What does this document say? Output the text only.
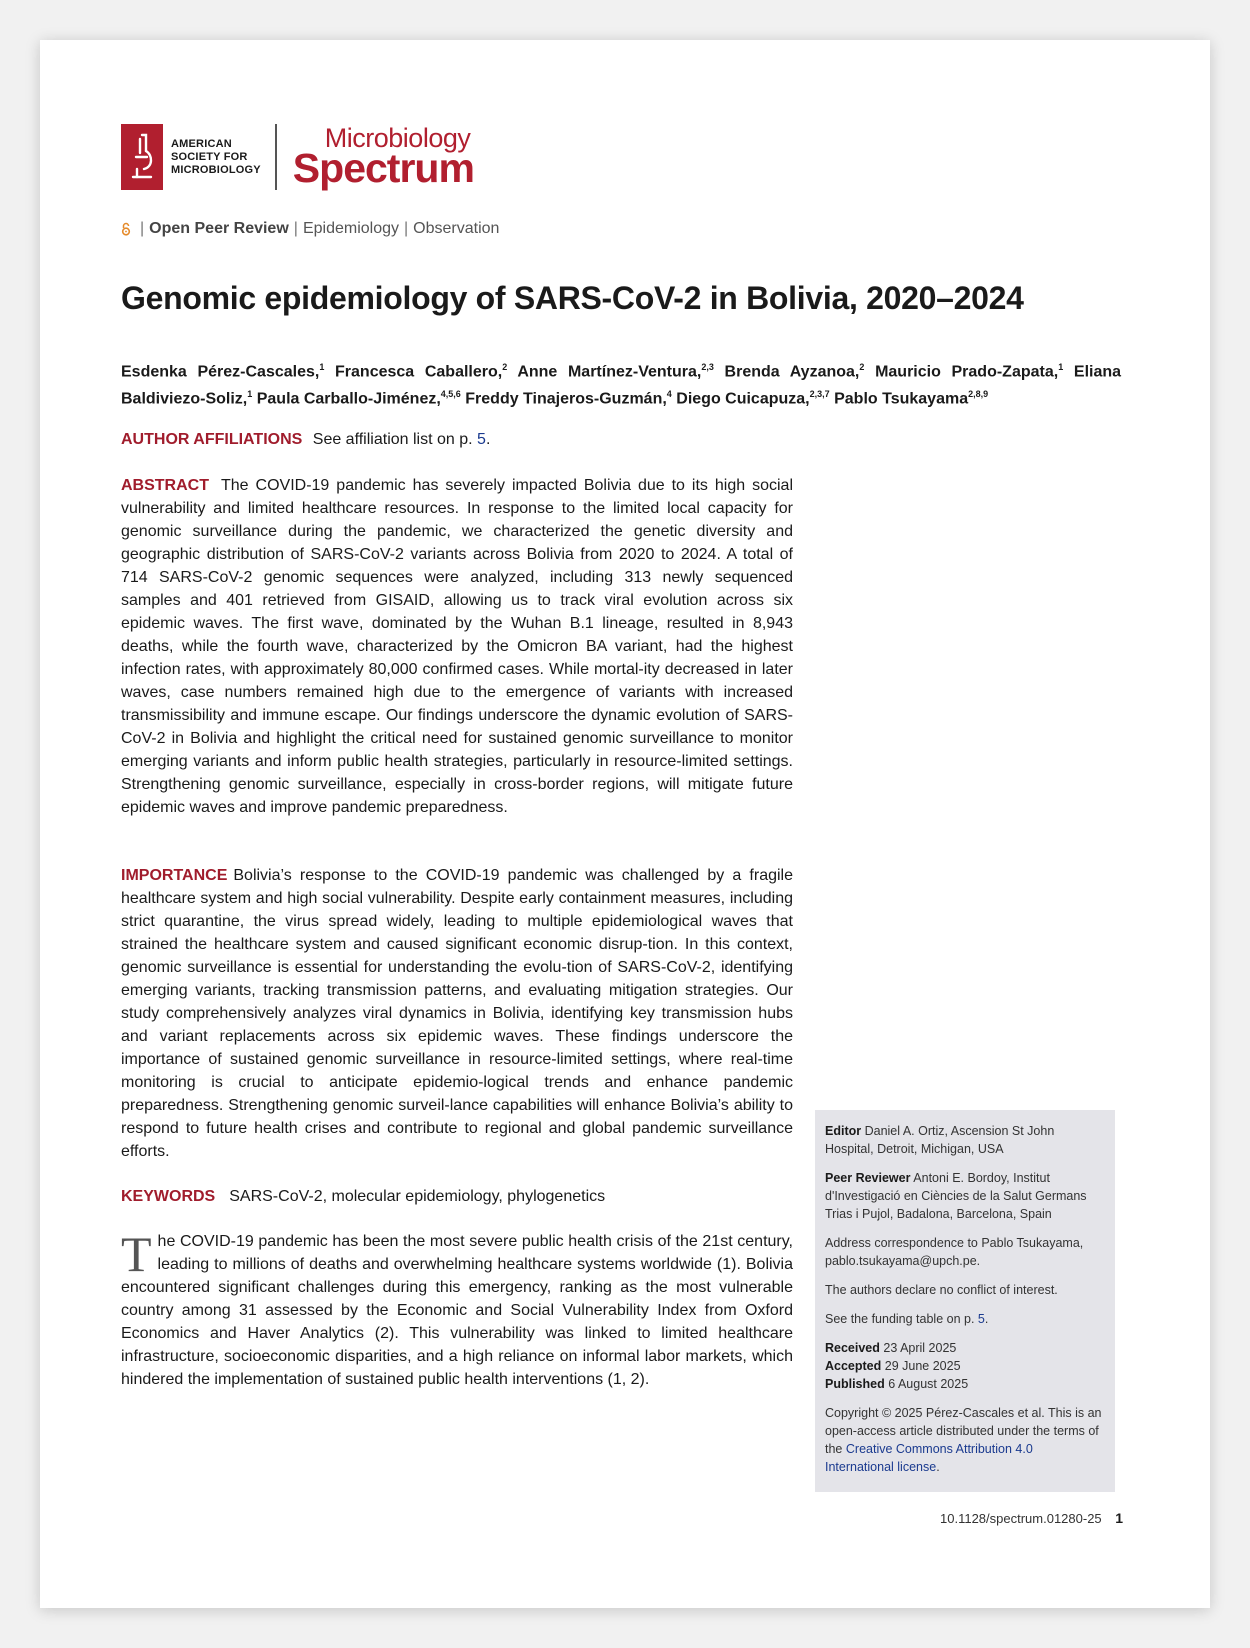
AMERICAN
SOCIETY FOR
MICROBIOLOGY
Microbiology
Spectrum
| Open Peer Review | Epidemiology | Observation
Genomic epidemiology of SARS-CoV-2 in Bolivia, 2020–2024
Esdenka Pérez-Cascales,$^1$ Francesca Caballero,$^2$ Anne Martínez-Ventura,$^{2,3}$ Brenda Ayzanoa,$^2$ Mauricio Prado-Zapata,$^1$ Eliana Baldiviezo-Soliz,$^1$ Paula Carballo-Jiménez,$^{4,5,6}$ Freddy Tinajeros-Guzmán,$^4$ Diego Cuicapuza,$^{2,3,7}$ Pablo Tsukayama$^{2,8,9}$
AUTHOR AFFILIATIONS See affiliation list on p. 5.
ABSTRACT The COVID-19 pandemic has severely impacted Bolivia due to its high social vulnerability and limited healthcare resources. In response to the limited local capacity for genomic surveillance during the pandemic, we characterized the genetic diversity and geographic distribution of SARS-CoV-2 variants across Bolivia from 2020 to 2024. A total of 714 SARS-CoV-2 genomic sequences were analyzed, including 313 newly sequenced samples and 401 retrieved from GISAID, allowing us to track viral evolution across six epidemic waves. The first wave, dominated by the Wuhan B.1 lineage, resulted in 8,943 deaths, while the fourth wave, characterized by the Omicron BA variant, had the highest infection rates, with approximately 80,000 confirmed cases. While mortal-ity decreased in later waves, case numbers remained high due to the emergence of variants with increased transmissibility and immune escape. Our findings underscore the dynamic evolution of SARS-CoV-2 in Bolivia and highlight the critical need for sustained genomic surveillance to monitor emerging variants and inform public health strategies, particularly in resource-limited settings. Strengthening genomic surveillance, especially in cross-border regions, will mitigate future epidemic waves and improve pandemic preparedness.
IMPORTANCE Bolivia’s response to the COVID-19 pandemic was challenged by a fragile healthcare system and high social vulnerability. Despite early containment measures, including strict quarantine, the virus spread widely, leading to multiple epidemiological waves that strained the healthcare system and caused significant economic disrup-tion. In this context, genomic surveillance is essential for understanding the evolu-tion of SARS-CoV-2, identifying emerging variants, tracking transmission patterns, and evaluating mitigation strategies. Our study comprehensively analyzes viral dynamics in Bolivia, identifying key transmission hubs and variant replacements across six epidemic waves. These findings underscore the importance of sustained genomic surveillance in resource-limited settings, where real-time monitoring is crucial to anticipate epidemio-logical trends and enhance pandemic preparedness. Strengthening genomic surveil-lance capabilities will enhance Bolivia’s ability to respond to future health crises and contribute to regional and global pandemic surveillance efforts.
KEYWORDS SARS-CoV-2, molecular epidemiology, phylogenetics
The COVID-19 pandemic has been the most severe public health crisis of the 21st century, leading to millions of deaths and overwhelming healthcare systems worldwide (1). Bolivia encountered significant challenges during this emergency, ranking as the most vulnerable country among 31 assessed by the Economic and Social Vulnerability Index from Oxford Economics and Haver Analytics (2). This vulnerability was linked to limited healthcare infrastructure, socioeconomic disparities, and a high reliance on informal labor markets, which hindered the implementation of sustained public health interventions (1, 2).

Editor Daniel A. Ortiz, Ascension St John Hospital, Detroit, Michigan, USA

Peer Reviewer Antoni E. Bordoy, Institut d'Investigació en Ciències de la Salut Germans Trias i Pujol, Badalona, Barcelona, Spain

Address correspondence to Pablo Tsukayama, pablo.tsukayama@upch.pe.

The authors declare no conflict of interest.

See the funding table on p. 5.

Received 23 April 2025

Accepted 29 June 2025

Published 6 August 2025

Copyright © 2025 Pérez-Cascales et al. This is an open-access article distributed under the terms of the Creative Commons Attribution 4.0 International license.

10.1128/spectrum.01280-25 1
